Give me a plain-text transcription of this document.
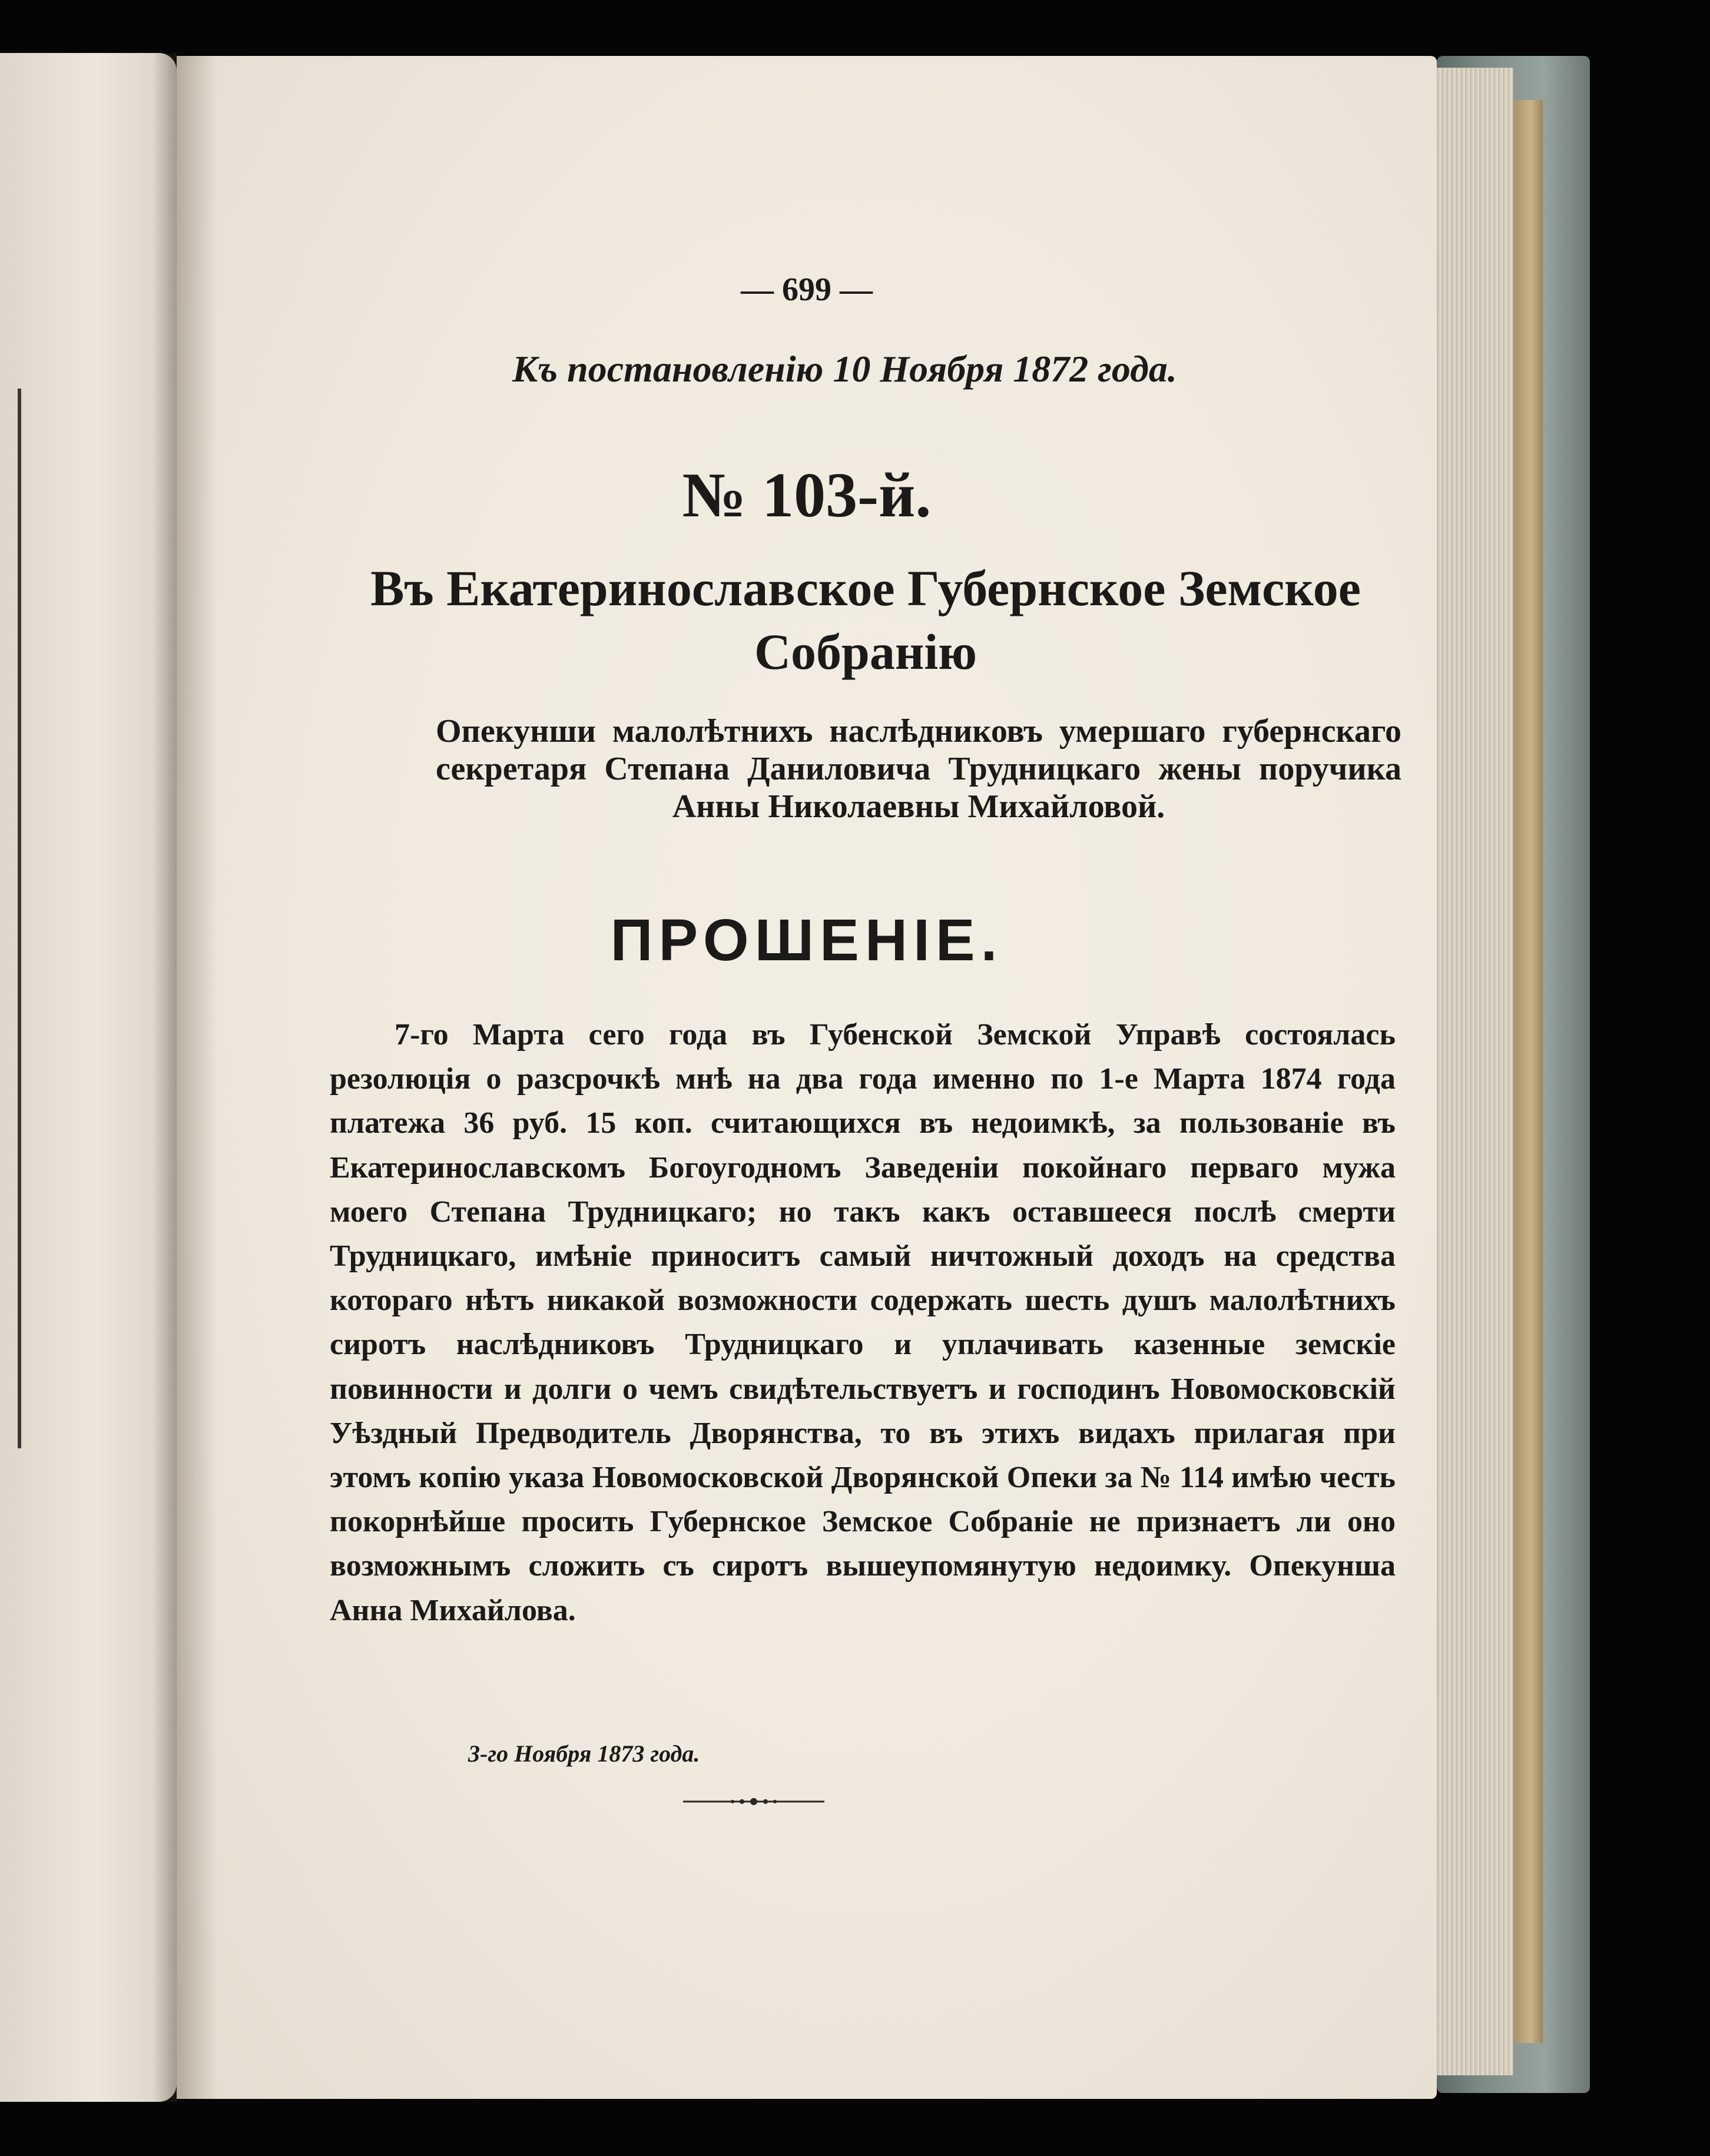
— 699 —
Къ постановленію 10 Ноября 1872 года.
№ 103-й.
Въ Екатеринославское Губернское Земское Собранію
Опекунши малолѣтнихъ наслѣдниковъ умершаго губернскаго секретаря Степана Даниловича Трудницкаго жены поручика Анны Николаевны Михайловой.
ПРОШЕНІЕ.
7-го Марта сего года въ Губенской Земской Управѣ состоялась резолюція о разсрочкѣ мнѣ на два года именно по 1-е Марта 1874 года платежа 36 руб. 15 коп. считающихся въ недоимкѣ, за пользованіе въ Екатеринославскомъ Богоугодномъ Заведеніи покойнаго перваго мужа моего Степана Трудницкаго; но такъ какъ оставшееся послѣ смерти Трудницкаго, имѣніе приноситъ самый ничтожный доходъ на средства котораго нѣтъ никакой возможности содержать шесть душъ малолѣтнихъ сиротъ наслѣдниковъ Трудницкаго и уплачивать казенные земскіе повинности и долги о чемъ свидѣтельствуетъ и господинъ Новомосковскій Уѣздный Предводитель Дворянства, то въ этихъ видахъ прилагая при этомъ копію указа Новомосковской Дворянской Опеки за № 114 имѣю честь покорнѣйше просить Губернское Земское Собраніе не признаетъ ли оно возможнымъ сложить съ сиротъ вышеупомянутую недоимку. Опекунша Анна Михайлова.
3-го Ноября 1873 года.
